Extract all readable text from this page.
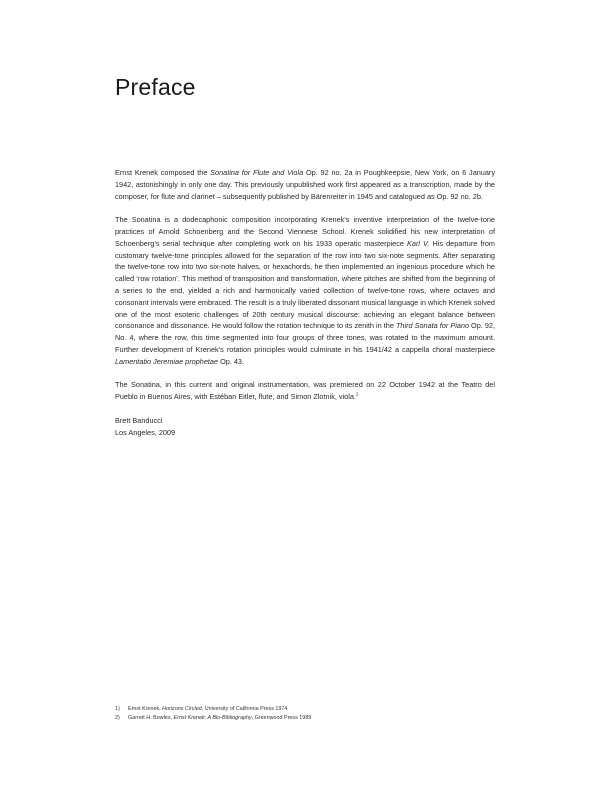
Preface

Ernst Krenek composed the Sonatina for Flute and Viola Op. 92 no. 2a in Poughkeepsie, New York, on 6 January 1942, astonishingly in only one day. This previously unpublished work first appeared as a transcription, made by the composer, for flute and clarinet – subsequently published by Bärenreiter in 1945 and catalogued as Op. 92 no. 2b.

The Sonatina is a dodecaphonic composition incorporating Krenek’s inventive interpretation of the twelve-tone practices of Arnold Schoenberg and the Second Viennese School. Krenek solidified his new interpretation of Schoenberg’s serial technique after completing work on his 1933 operatic masterpiece Karl V. His departure from customary twelve-tone principles allowed for the separation of the row into two six-note segments. After separating the twelve-tone row into two six-note halves, or hexachords, he then implemented an ingenious procedure which he called ‘row rotation’. This method of transposition and transformation, where pitches are shifted from the beginning of a series to the end, yielded a rich and harmonically varied collection of twelve-tone rows, where octaves and consonant intervals were embraced. The result is a truly liberated dissonant musical language in which Krenek solved one of the most esoteric challenges of 20th century musical discourse: achieving an elegant balance between consonance and dissonance. He would follow the rotation technique to its zenith in the Third Sonata for Piano Op. 92, No. 4, where the row, this time segmented into four groups of three tones, was rotated to the maximum amount. Further development of Krenek’s rotation principles would culminate in his 1941/42 a cappella choral masterpiece Lamentatio Jeremiae prophetae Op. 43.

The Sonatina, in this current and original instrumentation, was premiered on 22 October 1942 at the Teatro del Pueblo in Buenos Aires, with Estéban Eitler, flute, and Simon Zlotnik, viola.$^2$

Brett Banducci
Los Angeles, 2009
1) Ernst Krenek, Horizons Circled, University of California Press 1974
2) Garrett H. Bowles, Ernst Krenek: A Bio-Bibliography, Greenwood Press 1989
